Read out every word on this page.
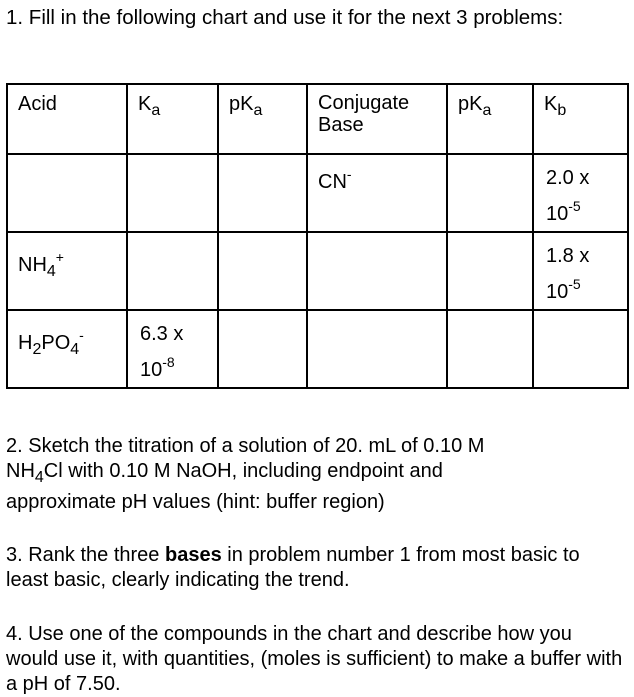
1. Fill in the following chart and use it for the next 3 problems:
Acid	$K_a$	$pK_a$	Conjugate Base	$pK_a$	$K_b$

			CN-		2.0 x
$10^{-5}$

$NH_4^+$					1.8 x
$10^{-5}$

$H_2PO_4^-$	6.3 x
$10^{-8}$

2. Sketch the titration of a solution of 20. mL of 0.10 M
$NH_4Cl$ with 0.10 M NaOH, including endpoint and
approximate pH values (hint: buffer region)
3. Rank the three bases in problem number 1 from most basic to least basic, clearly indicating the trend.
4. Use one of the compounds in the chart and describe how you would use it, with quantities, (moles is sufficient) to make a buffer with a pH of 7.50.
